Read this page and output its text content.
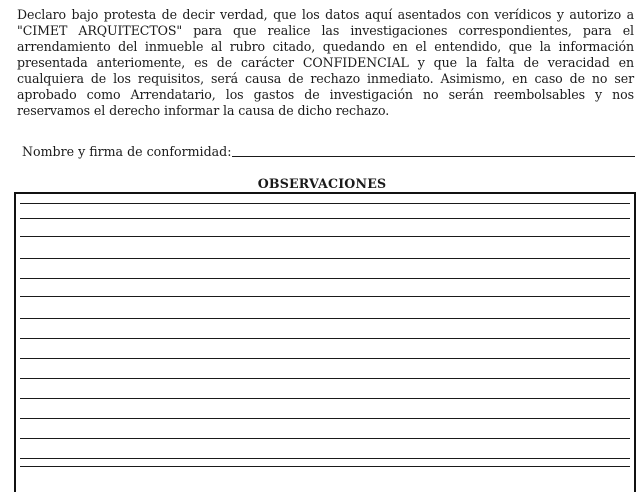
Declaro bajo protesta de decir verdad, que los datos aquí asentados con verídicos y autorizo a "CIMET ARQUITECTOS" para que realice las investigaciones correspondientes, para el arrendamiento del inmueble al rubro citado, quedando en el entendido, que la información presentada anteriomente, es de carácter CONFIDENCIAL y que la falta de veracidad en cualquiera de los requisitos, será causa de rechazo inmediato. Asimismo, en caso de no ser aprobado como Arrendatario, los gastos de investigación no serán reembolsables y nos reservamos el derecho informar la causa de dicho rechazo.

Nombre y firma de conformidad:
OBSERVACIONES
